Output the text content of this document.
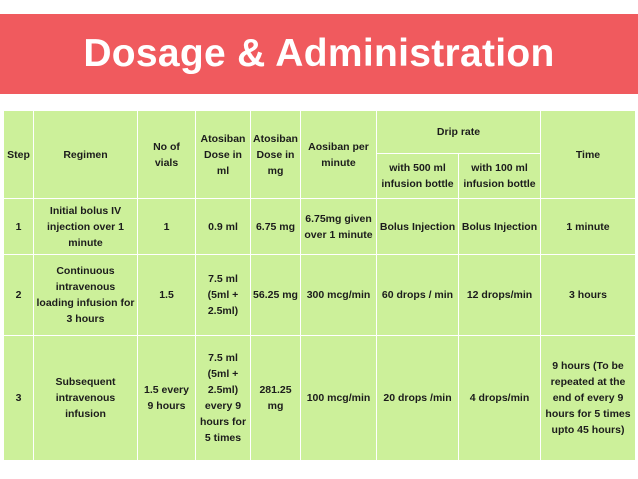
Dosage & Administration
Step	Regimen	No of vials	Atosiban Dose in ml	Atosiban Dose in mg	Aosiban per minute	Drip rate		Time
						with 500 ml infusion bottle	with 100 ml infusion bottle	
1	Initial bolus IV injection over 1 minute	1	0.9 ml	6.75 mg	6.75mg given over 1 minute	Bolus Injection	Bolus Injection	1 minute
2	Continuous intravenous loading infusion for 3 hours	1.5	7.5 ml (5ml + 2.5ml)	56.25 mg	300 mcg/min	60 drops / min	12 drops/min	3 hours
3	Subsequent intravenous infusion	1.5 every 9 hours	7.5 ml (5ml + 2.5ml) every 9 hours for 5 times	281.25 mg	100 mcg/min	20 drops /min	4 drops/min	9 hours (To be repeated at the end of every 9 hours for 5 times upto 45 hours)
